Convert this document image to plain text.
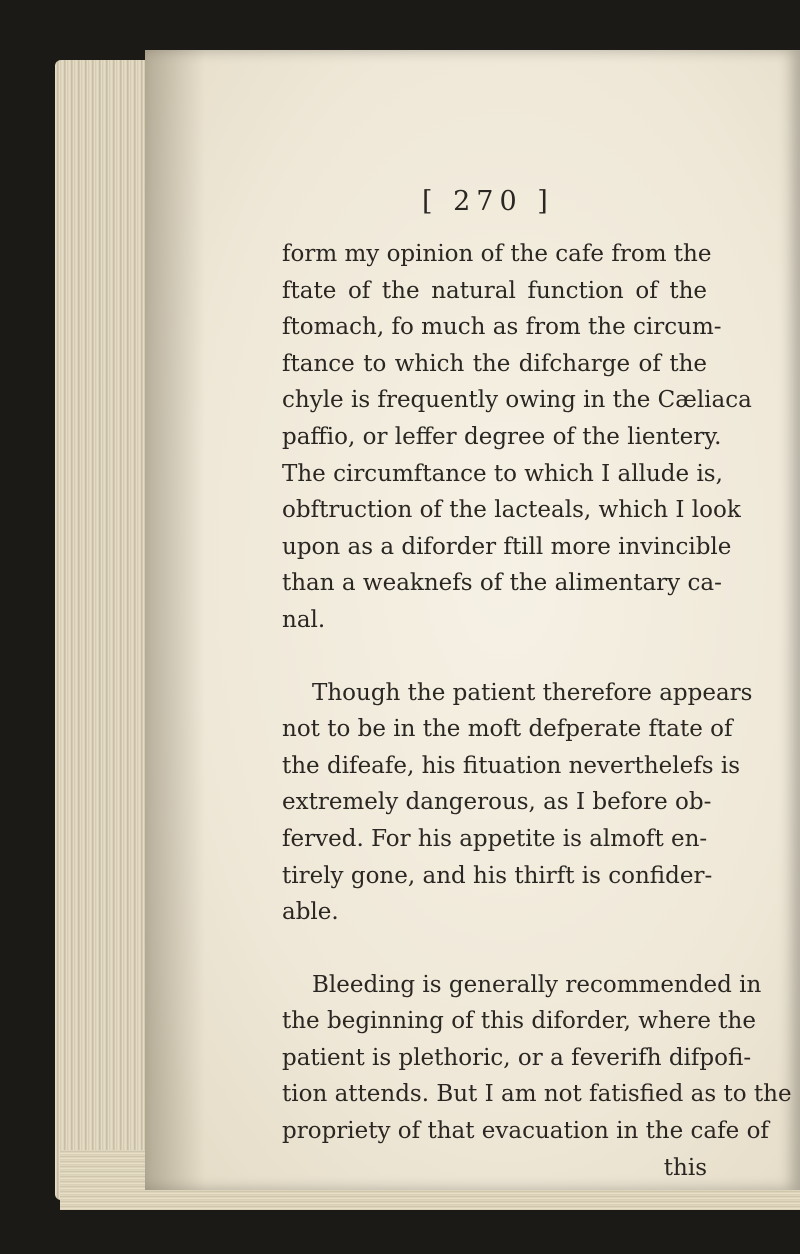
[ 270 ]
form my opinion of the cafe from the
ftate of the natural function of the
ftomach, fo much as from the circum-
ftance to which the difcharge of the
chyle is frequently owing in the Cæliaca
paffio, or leffer degree of the lientery.
The circumftance to which I allude is,
obftruction of the lacteals, which I look
upon as a diforder ftill more invincible
than a weaknefs of the alimentary ca-
nal.
Though the patient therefore appears
not to be in the moft defperate ftate of
the difeafe, his fituation neverthelefs is
extremely dangerous, as I before ob-
ferved. For his appetite is almoft en-
tirely gone, and his thirft is confider-
able.
Bleeding is generally recommended in
the beginning of this diforder, where the
patient is plethoric, or a feverifh difpofi-
tion attends. But I am not fatisfied as to the
propriety of that evacuation in the cafe of
this
